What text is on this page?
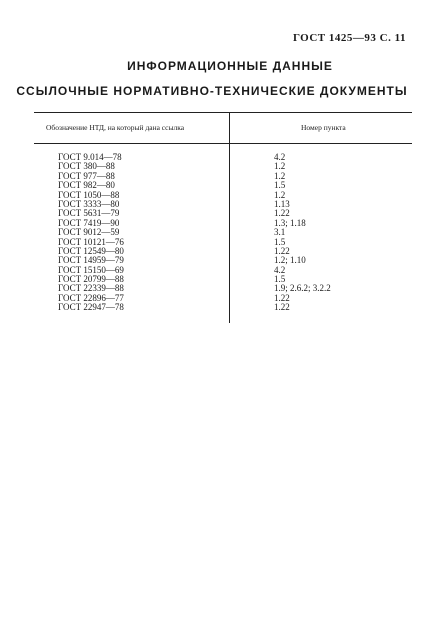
ГОСТ 1425—93 С. 11
ИНФОРМАЦИОННЫЕ ДАННЫЕ
ССЫЛОЧНЫЕ НОРМАТИВНО-ТЕХНИЧЕСКИЕ ДОКУМЕНТЫ
Обозначение НТД, на который дана ссылка	Номер пункта
ГОСТ 9.014—78	4.2
ГОСТ 380—88	1.2
ГОСТ 977—88	1.2
ГОСТ 982—80	1.5
ГОСТ 1050—88	1.2
ГОСТ 3333—80	1.13
ГОСТ 5631—79	1.22
ГОСТ 7419—90	1.3; 1.18
ГОСТ 9012—59	3.1
ГОСТ 10121—76	1.5
ГОСТ 12549—80	1.22
ГОСТ 14959—79	1.2; 1.10
ГОСТ 15150—69	4.2
ГОСТ 20799—88	1.5
ГОСТ 22339—88	1.9; 2.6.2; 3.2.2
ГОСТ 22896—77	1.22
ГОСТ 22947—78	1.22
